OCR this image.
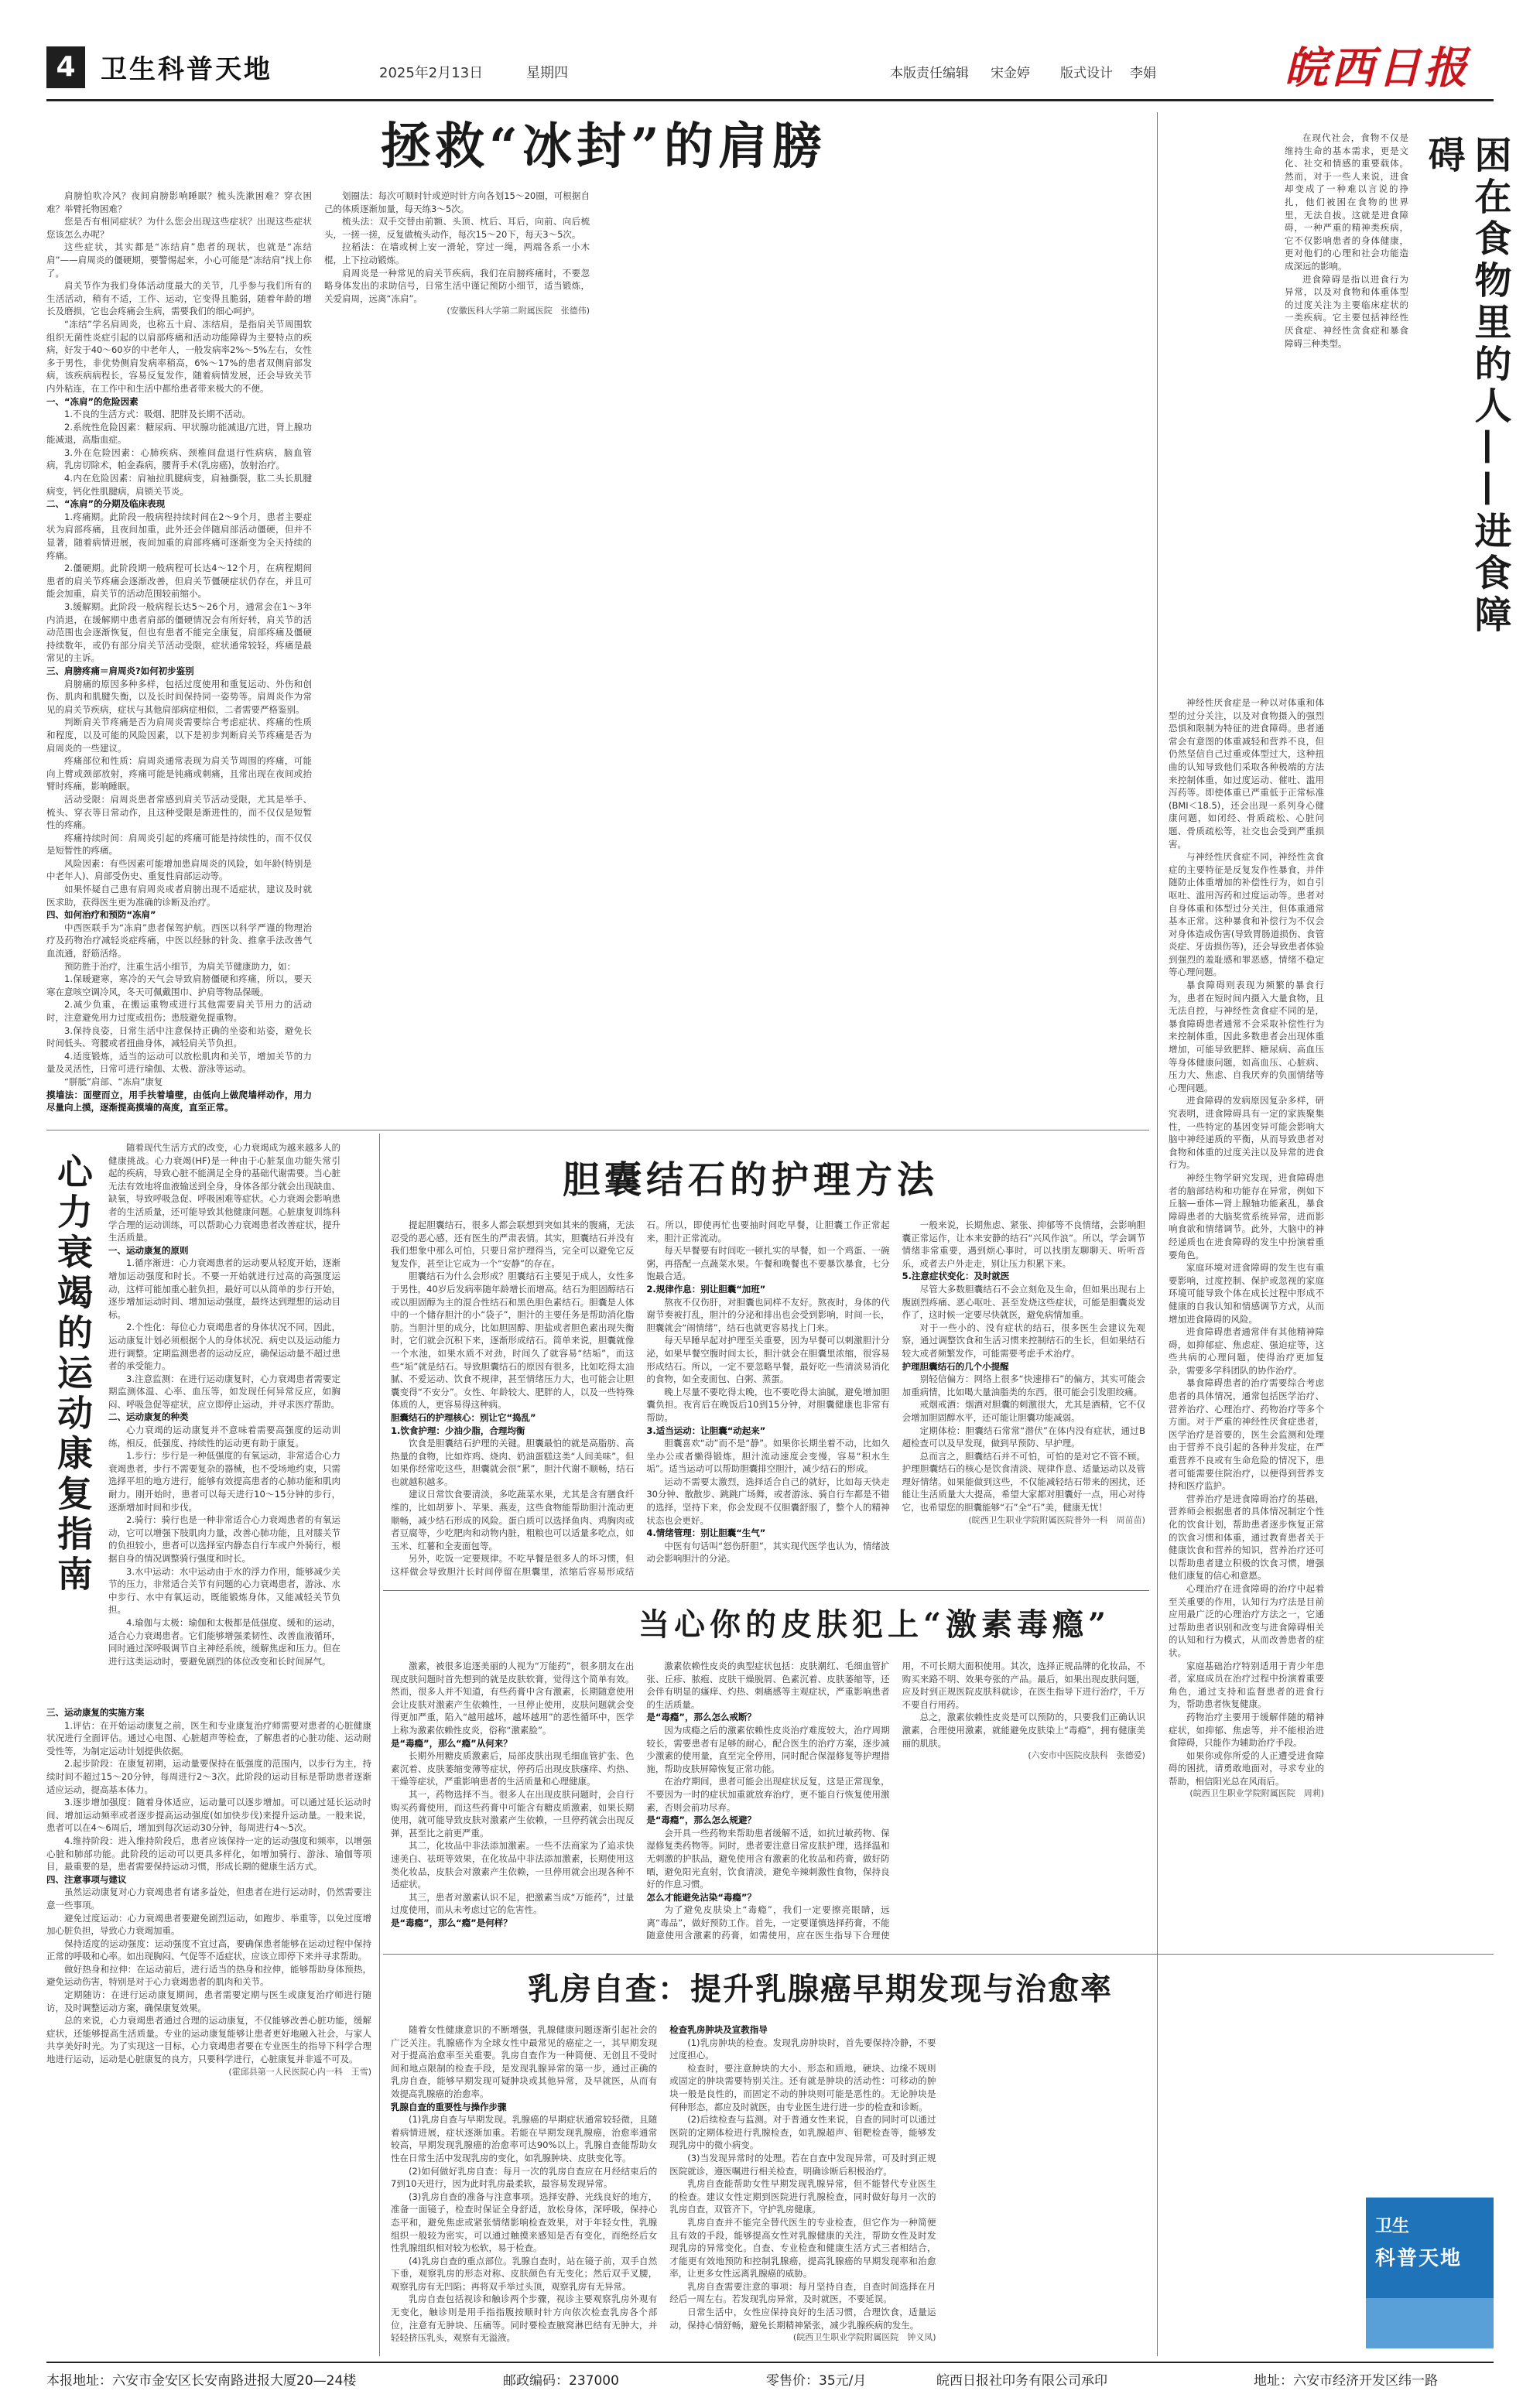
4 卫生科普天地	2025年2月13日	星期四	本版责任编辑 宋金婷 版式设计 李娟	皖西日报
拯救“冰封”的肩膀

肩膀怕吹冷风？夜间肩膀影响睡眠？梳头洗漱困难？穿衣困难？举臂托物困难？

您是否有相同症状？为什么您会出现这些症状？出现这些症状您该怎么办呢？

这些症状，其实都是“冻结肩”患者的现状，也就是“冻结肩”——肩周炎的僵硬期，要警惕起来，小心可能是“冻结肩”找上你了。

肩关节作为我们身体活动度最大的关节，几乎参与我们所有的生活活动，稍有不适，工作、运动，它变得且脆弱，随着年龄的增长及磨损，它也会疼痛会生病，需要我们的细心呵护。

“冻结”学名肩周炎，也称五十肩、冻结肩，是指肩关节周围软组织无菌性炎症引起的以肩部疼痛和活动功能障碍为主要特点的疾病，好发于40～60岁的中老年人，一般发病率2%～5%左右，女性多于男性，非优势侧肩发病率稍高，6%～17%的患者双侧肩部发病，该疾病病程长，容易反复发作，随着病情发展，还会导致关节内外粘连，在工作中和生活中都给患者带来极大的不便。

一、“冻肩”的危险因素

1.不良的生活方式：吸烟、肥胖及长期不活动。

2.系统性危险因素：糖尿病、甲状腺功能减退/亢进，肾上腺功能减退，高脂血症。

3.外在危险因素：心肺疾病、颈椎间盘退行性病病，脑血管病，乳房切除术，帕金森病，腰背手术(乳房癌)，放射治疗。

4.内在危险因素：肩袖拉肌腱病变，肩袖撕裂，肱二头长肌腱病变，钙化性肌腱病，肩锁关节炎。

二、“冻肩”的分期及临床表现

1.疼痛期。此阶段一般病程持续时间在2～9个月，患者主要症状为肩部疼痛，且夜间加重，此外还会伴随肩部活动僵硬，但并不显著，随着病情进展，夜间加重的肩部疼痛可逐渐变为全天持续的疼痛。

2.僵硬期。此阶段期一般病程可长达4～12个月，在病程期间患者的肩关节疼痛会逐渐改善，但肩关节僵硬症状仍存在，并且可能会加重，肩关节的活动范围较前缩小。

3.缓解期。此阶段一般病程长达5～26个月，通常会在1～3年内消退，在缓解期中患者肩部的僵硬情况会有所好转，肩关节的活动范围也会逐渐恢复，但也有患者不能完全康复，肩部疼痛及僵硬持续数年，或仍有部分肩关节活动受限，症状通常较轻，疼痛是最常见的主诉。

三、肩膀疼痛＝肩周炎?如何初步鉴别

肩膀痛的原因多种多样，包括过度使用和重复运动、外伤和创伤、肌肉和肌腱失衡，以及长时间保持同一姿势等。肩周炎作为常见的肩关节疾病，症状与其他肩部病症相似，二者需要严格鉴别。

判断肩关节疼痛是否为肩周炎需要综合考虑症状、疼痛的性质和程度，以及可能的风险因素，以下是初步判断肩关节疼痛是否为肩周炎的一些建议。

疼痛部位和性质：肩周炎通常表现为肩关节周围的疼痛，可能向上臂或颈部放射，疼痛可能是钝痛或刺痛，且常出现在夜间或抬臂时疼痛，影响睡眠。

活动受限：肩周炎患者常感到肩关节活动受限，尤其是举手、梳头、穿衣等日常动作，且这种受限是渐进性的，而不仅仅是短暂性的疼痛。

疼痛持续时间：肩周炎引起的疼痛可能是持续性的，而不仅仅是短暂性的疼痛。

风险因素：有些因素可能增加患肩周炎的风险，如年龄(特别是中老年人)、肩部受伤史、重复性肩部运动等。

如果怀疑自己患有肩周炎或者肩膀出现不适症状，建议及时就医求助，获得医生更为准确的诊断及治疗。

四、如何治疗和预防“冻肩”

中西医联手为“冻肩”患者保驾护航。西医以科学严谨的物理治疗及药物治疗减轻炎症疼痛，中医以经脉的针灸、推拿手法改善气血流通，舒筋活络。

预防胜于治疗，注重生活小细节，为肩关节健康助力，如：

1.保暖避寒，寒冷的天气会导致肩膀僵硬和疼痛，所以，要天寒在意咳空调冷风，冬天可佩戴围巾、护肩等物品保暖。

2.减少负重，在搬运重物或进行其他需要肩关节用力的活动时，注意避免用力过度或扭伤；患肢避免提重物。

3.保持良姿，日常生活中注意保持正确的坐姿和站姿，避免长时间低头、弯腰或者扭曲身体，减轻肩关节负担。

4.适度锻炼，适当的运动可以放松肌肉和关节，增加关节的力量及灵活性，日常可进行瑜伽、太极、游泳等运动。

“胼胝”肩部、“冻肩”康复

摸墙法：面壁而立，用手扶着墙壁，由低向上做爬墙样动作，用力尽量向上摸，逐渐提高摸墙的高度，直至正常。

划圈法：每次可顺时针或逆时针方向各划15～20圈，可根据自己的体质逐渐加量，每天练3～5次。

梳头法：双手交替由前额、头顶、枕后、耳后，向前、向后梳头，一搓一搓，反复做梳头动作，每次15～20下，每天3～5次。

拉稻法：在墙或树上安一滑轮，穿过一绳，两端各系一小木棍，上下拉动锻炼。

肩周炎是一种常见的肩关节疾病，我们在肩膀疼痛时，不要忽略身体发出的求助信号，日常生活中谨记预防小细节，适当锻炼，关爱肩周，远离“冻肩”。

(安徽医科大学第二附属医院　张德伟)	困在食物里的人——进食障碍

在现代社会，食物不仅是维持生命的基本需求，更是文化、社交和情感的重要载体。然而，对于一些人来说，进食却变成了一种难以言说的挣扎，他们被困在食物的世界里，无法自拔。这就是进食障碍，一种严重的精神类疾病，它不仅影响患者的身体健康，更对他们的心理和社会功能造成深远的影响。

进食障碍是指以进食行为异常，以及对食物和体重体型的过度关注为主要临床症状的一类疾病。它主要包括神经性厌食症、神经性贪食症和暴食障碍三种类型。

神经性厌食症是一种以对体重和体型的过分关注，以及对食物摄入的强烈恐惧和限制为特征的进食障碍。患者通常会有意图的体重减轻和营养不良，但仍然坚信自己过重或体型过大，这种扭曲的认知导致他们采取各种极端的方法来控制体重，如过度运动、催吐、滥用泻药等。即使体重已严重低于正常标准(BMI＜18.5)，还会出现一系列身心健康问题，如闭经、骨质疏松、心脏问题、骨质疏松等，社交也会受到严重损害。

与神经性厌食症不同，神经性贪食症的主要特征是反复发作性暴食，并伴随防止体重增加的补偿性行为，如自引呕吐、滥用泻药和过度运动等。患者对自身体重和体型过分关注，但体重通常基本正常。这种暴食和补偿行为不仅会对身体造成伤害(导致胃肠道损伤、食管炎症、牙齿损伤等)，还会导致患者体验到强烈的羞耻感和罪恶感，情绪不稳定等心理问题。

暴食障碍则表现为频繁的暴食行为，患者在短时间内摄入大量食物，且无法自控，与神经性贪食症不同的是，暴食障碍患者通常不会采取补偿性行为来控制体重，因此多数患者会出现体重增加，可能导致肥胖、糖尿病、高血压等身体健康问题，如高血压、心脏病、压力大、焦虑、自我厌弃的负面情绪等心理问题。

进食障碍的发病原因复杂多样，研究表明，进食障碍具有一定的家族聚集性，一些特定的基因变异可能会影响大脑中神经递质的平衡，从而导致患者对食物和体重的过度关注以及异常的进食行为。

神经生物学研究发现，进食障碍患者的脑部结构和功能存在异常，例如下丘脑—垂体—肾上腺轴功能紊乱，暴食障碍患者的大脑奖赏系统异常，进而影响食欲和情绪调节。此外，大脑中的神经递质也在进食障碍的发生中扮演着重要角色。

家庭环境对进食障碍的发生也有重要影响，过度控制、保护或忽视的家庭环境可能导致个体在成长过程中形成不健康的自我认知和情感调节方式，从而增加进食障碍的风险。

进食障碍患者通常伴有其他精神障碍，如抑郁症、焦虑症、强迫症等，这些共病的心理问题，使得治疗更加复杂，需要多学科团队的协作治疗。

暴食障碍患者的治疗需要综合考虑患者的具体情况，通常包括医学治疗、营养治疗、心理治疗、药物治疗等多个方面。对于严重的神经性厌食症患者，医学治疗是首要的，医生会监测和处理由于营养不良引起的各种并发症，在严重营养不良或有生命危险的情况下，患者可能需要住院治疗，以便得到营养支持和医疗监护。

营养治疗是进食障碍治疗的基础，营养师会根据患者的具体情况制定个性化的饮食计划，帮助患者逐步恢复正常的饮食习惯和体重，通过教育患者关于健康饮食和营养的知识，营养治疗还可以帮助患者建立积极的饮食习惯，增强他们康复的信心和意愿。

心理治疗在进食障碍的治疗中起着至关重要的作用，认知行为疗法是目前应用最广泛的心理治疗方法之一，它通过帮助患者识别和改变与进食障碍相关的认知和行为模式，从而改善患者的症状。

家庭基础治疗特别适用于青少年患者，家庭成员在治疗过程中扮演着重要角色，通过支持和监督患者的进食行为，帮助患者恢复健康。

药物治疗主要用于缓解伴随的精神症状，如抑郁、焦虑等，并不能根治进食障碍，只能作为辅助治疗手段。

如果你或你所爱的人正遭受进食障碍的困扰，请勇敢地面对，寻求专业的帮助，相信阳光总在风雨后。

(皖西卫生职业学院附属医院　周莉)

心力衰竭的运动康复指南

随着现代生活方式的改变，心力衰竭成为越来越多人的健康挑战。心力衰竭(HF)是一种由于心脏泵血功能失常引起的疾病，导致心脏不能满足全身的基础代谢需要。当心脏无法有效地将血液输送到全身，身体各部分就会出现缺血、缺氧，导致呼吸急促、呼吸困难等症状。心力衰竭会影响患者的生活质量，还可能导致其他健康问题。心脏康复训练科学合理的运动训练，可以帮助心力衰竭患者改善症状，提升生活质量。

一、运动康复的原则

1.循序渐进：心力衰竭患者的运动要从轻度开始，逐渐增加运动强度和时长。不要一开始就进行过高的高强度运动，这样可能加重心脏负担，最好可以从简单的步行开始，逐步增加运动时间、增加运动强度，最终达到理想的运动目标。

2.个性化：每位心力衰竭患者的身体状况不同，因此，运动康复计划必须根据个人的身体状况、病史以及运动能力进行调整。定期监测患者的运动反应，确保运动量不超过患者的承受能力。

3.注意监测：在进行运动康复时，心力衰竭患者需要定期监测体温、心率、血压等，如发现任何异常反应，如胸闷、呼吸急促等症状，应立即停止运动，并寻求医疗帮助。

二、运动康复的种类

心力衰竭的运动康复并不意味着需要高强度的运动训练，相反，低强度、持续性的运动更有助于康复。

1.步行：步行是一种低强度的有氧运动，非常适合心力衰竭患者，步行不需要复杂的器械，也不受场地约束，只需选择平坦的地方进行，能够有效提高患者的心肺功能和肌肉耐力。刚开始时，患者可以每天进行10～15分钟的步行，逐渐增加时间和步伐。

2.骑行：骑行也是一种非常适合心力衰竭患者的有氧运动，它可以增强下肢肌肉力量，改善心肺功能，且对膝关节的负担较小，患者可以选择室内静态自行车或户外骑行，根据自身的情况调整骑行强度和时长。

3.水中运动：水中运动由于水的浮力作用，能够减少关节的压力，非常适合关节有问题的心力衰竭患者，游泳、水中步行、水中有氧运动，既能锻炼身体，又能减轻关节负担。

4.瑜伽与太极：瑜伽和太极都是低强度、缓和的运动，适合心力衰竭患者。它们能够增强柔韧性、改善血液循环，同时通过深呼吸调节自主神经系统，缓解焦虑和压力。但在进行这类运动时，要避免剧烈的体位改变和长时间屏气。

三、运动康复的实施方案

1.评估：在开始运动康复之前，医生和专业康复治疗师需要对患者的心脏健康状况进行全面评估。通过心电图、心脏超声等检查，了解患者的心脏功能、运动耐受性等，为制定运动计划提供依据。

2.起步阶段：在康复初期，运动量要保持在低强度的范围内，以步行为主，持续时间不超过15～20分钟，每周进行2～3次。此阶段的运动目标是帮助患者逐渐适应运动，提高基本体力。

3.逐步增加强度：随着身体适应，运动量可以逐步增加。可以通过延长运动时间、增加运动频率或者逐步提高运动强度(如加快步伐)来提升运动量。一般来说，患者可以在4～6周后，增加到每次运动30分钟，每周进行4～5次。

4.维持阶段：进入维持阶段后，患者应该保持一定的运动强度和频率，以增强心脏和肺部功能。此阶段的运动可以更具多样化，如增加骑行、游泳、瑜伽等项目，最重要的是，患者需要保持运动习惯，形成长期的健康生活方式。

四、注意事项与建议

虽然运动康复对心力衰竭患者有诸多益处，但患者在进行运动时，仍然需要注意一些事项。

避免过度运动：心力衰竭患者要避免剧烈运动，如跑步、举重等，以免过度增加心脏负担，导致心力衰竭加重。

保持适度的运动强度：运动强度不宜过高，要确保患者能够在运动过程中保持正常的呼吸和心率。如出现胸闷、气促等不适症状，应该立即停下来并寻求帮助。

做好热身和拉伸：在运动前后，进行适当的热身和拉伸，能够帮助身体预热，避免运动伤害，特别是对于心力衰竭患者的肌肉和关节。

定期随访：在进行运动康复期间，患者需要定期与医生或康复治疗师进行随访，及时调整运动方案，确保康复效果。

总的来说，心力衰竭患者通过合理的运动康复，不仅能够改善心脏功能，缓解症状，还能够提高生活质量。专业的运动康复能够让患者更好地融入社会，与家人共享美好时光。为了实现这一目标，心力衰竭患者要在专业医生的指导下科学合理地进行运动，运动是心脏康复的良方，只要科学进行，心脏康复并非遥不可及。

(霍邱县第一人民医院心内一科　王雪)

胆囊结石的护理方法

提起胆囊结石，很多人都会联想到突如其来的腹痛，无法忍受的恶心感，还有医生的严肃表情。其实，胆囊结石并没有我们想象中那么可怕，只要日常护理得当，完全可以避免它反复发作，甚至让它成为一个“安静”的存在。

胆囊结石为什么会形成？胆囊结石主要见于成人，女性多于男性，40岁后发病率随年龄增长而增高。结石为胆固醇结石或以胆固醇为主的混合性结石和黑色胆色素结石。胆囊是人体中的一个储存胆汁的小“袋子”，胆汁的主要任务是帮助消化脂肪。当胆汁里的成分，比如胆固醇、胆盐或者胆色素出现失衡时，它们就会沉积下来，逐渐形成结石。简单来说，胆囊就像一个水池，如果水质不对劲，时间久了就容易“结垢”，而这些“垢”就是结石。导致胆囊结石的原因有很多，比如吃得太油腻、不爱运动、饮食不规律，甚至情绪压力大，也可能会让胆囊变得“不安分”。女性、年龄较大、肥胖的人，以及一些特殊体质的人，更容易得这种病。

胆囊结石的护理核心：别让它“捣乱”

1.饮食护理：少油少脂，合理均衡

饮食是胆囊结石护理的关键。胆囊最怕的就是高脂肪、高热量的食物，比如炸鸡、烧肉、奶油蛋糕这类“人间美味”。但如果你经常吃这些，胆囊就会很“累”，胆汁代谢不顺畅，结石也就越积越多。

建议日常饮食要清淡，多吃蔬菜水果，尤其是含有膳食纤维的，比如胡萝卜、苹果、燕麦，这些食物能帮助胆汁流动更顺畅，减少结石形成的风险。蛋白质可以选择鱼肉、鸡胸肉或者豆腐等，少吃肥肉和动物内脏，粗粮也可以适量多吃点，如玉米、红薯和全麦面包等。

另外，吃饭一定要规律。不吃早餐是很多人的坏习惯，但这样做会导致胆汁长时间停留在胆囊里，浓缩后容易形成结石。所以，即使再忙也要抽时间吃早餐，让胆囊工作正常起来，胆汁正常流动。

每天早餐要有时间吃一顿扎实的早餐，如一个鸡蛋、一碗粥，再搭配一点蔬菜水果。午餐和晚餐也不要暴饮暴食，七分饱最合适。

2.规律作息：别让胆囊“加班”

熬夜不仅伤肝，对胆囊也同样不友好。熬夜时，身体的代谢节奏被打乱，胆汁的分泌和排出也会受到影响，时间一长，胆囊就会“闹情绪”，结石也就更容易找上门来。

每天早睡早起对护理至关重要，因为早餐可以刺激胆汁分泌，如果早餐空腹时间太长，胆汁就会在胆囊里浓缩，很容易形成结石。所以，一定不要忽略早餐，最好吃一些清淡易消化的食物，如全麦面包、白粥、蒸蛋。

晚上尽量不要吃得太晚，也不要吃得太油腻，避免增加胆囊负担。夜宵后在晚饭后10到15分钟，对胆囊健康也非常有帮助。

3.适当运动：让胆囊“动起来”

胆囊喜欢“动”而不是“静”。如果你长期坐着不动，比如久坐办公或者懒得锻炼，胆汁流动速度会变慢，容易“积水生垢”。适当运动可以帮助胆囊排空胆汁，减少结石的形成。

运动不需要太激烈，选择适合自己的就好，比如每天快走30分钟、散散步、跳跳广场舞，或者游泳、骑自行车都是不错的选择，坚持下来，你会发现不仅胆囊舒服了，整个人的精神状态也会更好。

4.情绪管理：别让胆囊“生气”

中医有句话叫“怒伤肝胆”，其实现代医学也认为，情绪波动会影响胆汁的分泌。

一般来说，长期焦虑、紧张、抑郁等不良情绪，会影响胆囊正常运作，让本来安静的结石“兴风作浪”。所以，学会调节情绪非常重要，遇到烦心事时，可以找朋友聊聊天、听听音乐，或者去户外走走，别让压力积累下来。

5.注意症状变化：及时就医

尽管大多数胆囊结石不会立刻危及生命，但如果出现右上腹剧烈疼痛、恶心呕吐、甚至发烧这些症状，可能是胆囊炎发作了，这时候一定要尽快就医，避免病情加重。

对于一些小的、没有症状的结石，很多医生会建议先观察，通过调整饮食和生活习惯来控制结石的生长，但如果结石较大或者频繁发作，可能需要考虑手术治疗。

护理胆囊结石的几个小提醒

别轻信偏方：网络上很多“快速排石”的偏方，其实可能会加重病情，比如喝大量油脂类的东西，很可能会引发胆绞痛。

戒烟戒酒：烟酒对胆囊的刺激很大，尤其是酒精，它不仅会增加胆固醇水平，还可能让胆囊功能减弱。

定期体检：胆囊结石常常“潜伏”在体内没有症状，通过B超检查可以及早发现，做到早预防、早护理。

总而言之，胆囊结石并不可怕，可怕的是对它不管不顾。护理胆囊结石的核心是饮食清淡、规律作息、适量运动以及管理好情绪。如果能做到这些，不仅能减轻结石带来的困扰，还能让生活质量大大提高，希望大家都对胆囊好一点，用心对待它，也希望您的胆囊能够“石”全“石”美，健康无忧！

(皖西卫生职业学院附属医院普外一科　周苗苗)

当心你的皮肤犯上“激素毒瘾”

激素，被很多追逐美丽的人视为“万能药”，很多朋友在出现皮肤问题时首先想到的就是皮肤软膏，觉得这个简单有效。然而，很多人并不知道，有些药膏中含有激素，长期随意使用会让皮肤对激素产生依赖性，一旦停止使用，皮肤问题就会变得更加严重，陷入“越用越坏，越坏越用”的恶性循环中，医学上称为激素依赖性皮炎，俗称“激素脸”。

是“毒瘾”，那么“瘾”从何来？

长期外用糖皮质激素后，局部皮肤出现毛细血管扩张、色素沉着、皮肤萎缩变薄等症状，停药后出现皮肤瘙痒、灼热、干燥等症状，严重影响患者的生活质量和心理健康。

其一，药物选择不当。很多人在出现皮肤问题时，会自行购买药膏使用，而这些药膏中可能含有糖皮质激素，如果长期使用，就可能导致皮肤对激素产生依赖，一旦停药就会出现反弹，甚至比之前更严重。

其二，化妆品中非法添加激素。一些不法商家为了追求快速美白、祛斑等效果，在化妆品中非法添加激素，长期使用这类化妆品，皮肤会对激素产生依赖，一旦停用就会出现各种不适症状。

其三，患者对激素认识不足，把激素当成“万能药”，过量过度使用，而从未考虑过它的危害性。

是“毒瘾”，那么“瘾”是何样？

激素依赖性皮炎的典型症状包括：皮肤潮红、毛细血管扩张、丘疹、脓疱、皮肤干燥脱屑、色素沉着、皮肤萎缩等，还会伴有明显的瘙痒、灼热、刺痛感等主观症状，严重影响患者的生活质量。

是“毒瘾”，那么怎么戒断？

因为成瘾之后的激素依赖性皮炎治疗难度较大，治疗周期较长，需要患者有足够的耐心，配合医生的治疗方案，逐步减少激素的使用量，直至完全停用，同时配合保湿修复等护理措施，帮助皮肤屏障恢复正常功能。

在治疗期间，患者可能会出现症状反复，这是正常现象，不要因为一时的症状加重就放弃治疗，更不能自行恢复使用激素，否则会前功尽弃。

是“毒瘾”，那么怎么规避？

会开具一些药物来帮助患者缓解不适，如抗过敏药物、保湿修复类药物等。同时，患者要注意日常皮肤护理，选择温和无刺激的护肤品，避免使用含有激素的化妆品和药膏，做好防晒，避免阳光直射，饮食清淡，避免辛辣刺激性食物，保持良好的作息习惯。

怎么才能避免沾染“毒瘾”？

为了避免皮肤染上“毒瘾”，我们一定要擦亮眼睛，远离“毒品”，做好预防工作。首先，一定要谨慎选择药膏，不能随意使用含激素的药膏，如需使用，应在医生指导下合理使用，不可长期大面积使用。其次，选择正规品牌的化妆品，不购买来路不明、效果夸张的产品。最后，如果出现皮肤问题，应及时到正规医院皮肤科就诊，在医生指导下进行治疗，千万不要自行用药。

总之，激素依赖性皮炎是可以预防的，只要我们正确认识激素，合理使用激素，就能避免皮肤染上“毒瘾”，拥有健康美丽的肌肤。

(六安市中医院皮肤科　张德爱)

乳房自查：提升乳腺癌早期发现与治愈率

随着女性健康意识的不断增强，乳腺健康问题逐渐引起社会的广泛关注。乳腺癌作为全球女性中最常见的癌症之一，其早期发现对于提高治愈率至关重要。乳房自查作为一种简便、无创且不受时间和地点限制的检查手段，是发现乳腺异常的第一步，通过正确的乳房自查，能够早期发现可疑肿块或其他异常，及早就医，从而有效提高乳腺癌的治愈率。

乳腺自查的重要性与操作步骤

(1)乳房自查与早期发现。乳腺癌的早期症状通常较轻微，且随着病情进展，症状逐渐加重。若能在早期发现乳腺癌，治愈率通常较高，早期发现乳腺癌的治愈率可达90%以上。乳腺自查能帮助女性在日常生活中发现乳房的变化，如乳腺肿块、皮肤变化等。

(2)如何做好乳房自查：每月一次的乳房自查应在月经结束后的7到10天进行，因为此时乳房最柔软，最容易发现异常。

(3)乳房自查的准备与注意事项。选择安静、光线良好的地方，准备一面镜子，检查时保证全身舒适，放松身体，深呼吸，保持心态平和，避免焦虑或紧张情绪影响检查效果，对于年轻女性，乳腺组织一般较为密实，可以通过触摸来感知是否有变化，而绝经后女性乳腺组织相对较为松软，易于检查。

(4)乳房自查的重点部位。乳腺自查时，站在镜子前，双手自然下垂，观察乳房的形态对称、皮肤颜色有无变化；然后双手叉腰，观察乳房有无凹陷；再将双手举过头顶，观察乳房有无异常。

乳房自查包括视诊和触诊两个步骤，视诊主要观察乳房外观有无变化，触诊则是用手指指腹按顺时针方向依次检查乳房各个部位，注意有无肿块、压痛等。同时要检查腋窝淋巴结有无肿大，并轻轻挤压乳头，观察有无溢液。

检查乳房肿块及宣教指导

(1)乳房肿块的检查。发现乳房肿块时，首先要保持冷静，不要过度担心。

检查时，要注意肿块的大小、形态和质地，硬块、边缘不规则或固定的肿块需要特别关注。还有就是肿块的活动性：可移动的肿块一般是良性的，而固定不动的肿块则可能是恶性的。无论肿块是何种形态，都应及时就医，由专业医生进行进一步的检查和诊断。

(2)后续检查与监测。对于普通女性来说，自查的同时可以通过医院的定期体检进行乳腺检查，如乳腺超声、钼靶检查等，能够发现乳房中的微小病变。

(3)当发现异常时的处理。若在自查中发现异常，可及时到正规医院就诊，遵医嘱进行相关检查，明确诊断后积极治疗。

乳房自查能帮助女性早期发现乳腺异常，但不能替代专业医生的检查。建议女性定期到医院进行乳腺检查，同时做好每月一次的乳房自查，双管齐下，守护乳房健康。

乳房自查并不能完全替代医生的专业检查，但它作为一种简便且有效的手段，能够提高女性对乳腺健康的关注，帮助女性及时发现乳房的异常变化。自查、专业检查和健康生活方式三者相结合，才能更有效地预防和控制乳腺癌，提高乳腺癌的早期发现率和治愈率，让更多女性远离乳腺癌的威胁。

乳房自查需要注意的事项：每月坚持自查，自查时间选择在月经后一周左右。若发现乳房异常，及时就医，不要延误。

日常生活中，女性应保持良好的生活习惯，合理饮食，适量运动，保持心情舒畅，避免长期精神紧张，减少乳腺疾病的发生。

(皖西卫生职业学院附属医院　钟义凤)

卫生
科普天地
本报地址：六安市金安区长安南路进报大厦20—24楼	邮政编码：237000	零售价：35元/月	皖西日报社印务有限公司承印	地址：六安市经济开发区纬一路
